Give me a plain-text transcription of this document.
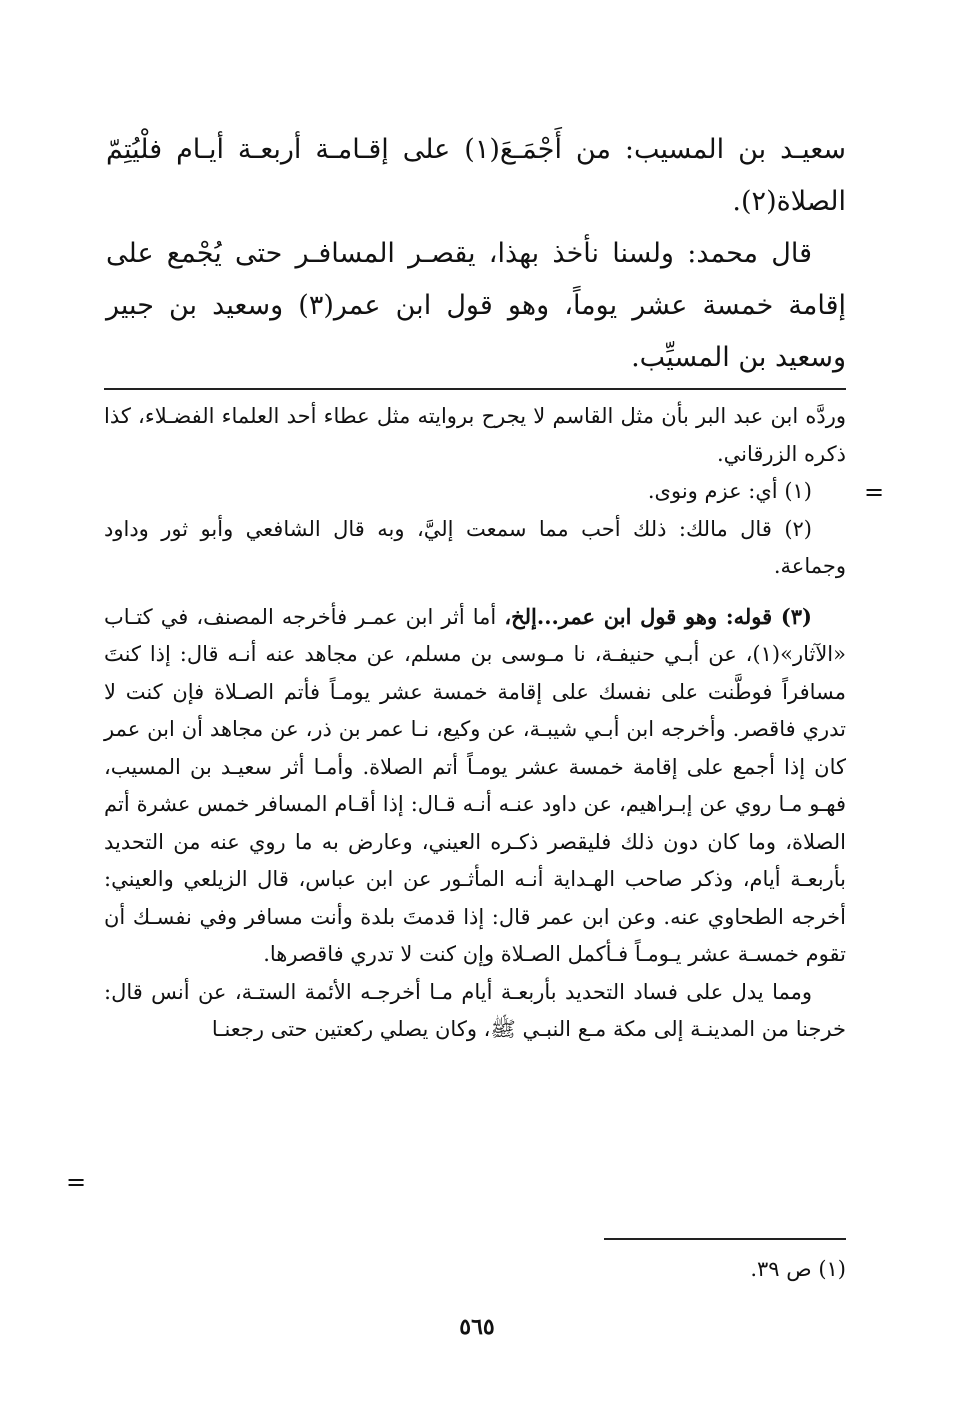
سعيـد بن المسيب: من أَجْمَـعَ(١) على إقـامـة أربعـة أيـام فلْيُتِمّ الصلاة(٢).

قال محمد: ولسنا نأخذ بهذا، يقصـر المسافـر حتى يُجْمع على إقامة خمسة عشر يوماً، وهو قول ابن عمر(٣) وسعيد بن جبير وسعيد بن المسيِّب.

وردَّه ابن عبد البر بأن مثل القاسم لا يجرح بروايته مثل عطاء أحد العلماء الفضـلاء، كذا ذكره الزرقاني.

(١) أي: عزم ونوى.

(٢) قال مالك: ذلك أحب مما سمعت إليَّ، وبه قال الشافعي وأبو ثور وداود وجماعة.

(٣) قوله: وهو قول ابن عمر...إلخ، أما أثر ابن عمـر فأخرجه المصنف، في كتـاب «الآثار»(١)، عن أبـي حنيفـة، نا مـوسى بن مسلم، عن مجاهد عنه أنـه قال: إذا كنتَ مسافراً فوطَّنت على نفسك على إقامة خمسة عشر يومـاً فأتم الصـلاة فإن كنت لا تدري فاقصر. وأخرجه ابن أبـي شيبـة، عن وكيع، نـا عمر بن ذر، عن مجاهد أن ابن عمر كان إذا أجمع على إقامة خمسة عشر يومـاً أتم الصلاة. وأمـا أثر سعيـد بن المسيب، فهـو مـا روي عن إبـراهيم، عن داود عنـه أنـه قـال: إذا أقـام المسافر خمس عشرة أتم الصلاة، وما كان دون ذلك فليقصر ذكـره العيني، وعارض به ما روي عنه من التحديد بأربعـة أيام، وذكر صاحب الهـداية أنـه المأثـور عن ابن عباس، قال الزيلعي والعيني: أخرجه الطحاوي عنه. وعن ابن عمر قال: إذا قدمتَ بلدة وأنت مسافر وفي نفسـك أن تقوم خمسـة عشر يـومـاً فـأكمل الصـلاة وإن كنت لا تدري فاقصرها.

ومما يدل على فساد التحديد بأربعـة أيام مـا أخرجـه الأئمة الستـة، عن أنس قال: خرجنا من المدينـة إلى مكة مـع النبـي ﷺ، وكان يصلي ركعتين حتى رجعنـا

=
=
(١) ص ٣٩.
٥٦٥
